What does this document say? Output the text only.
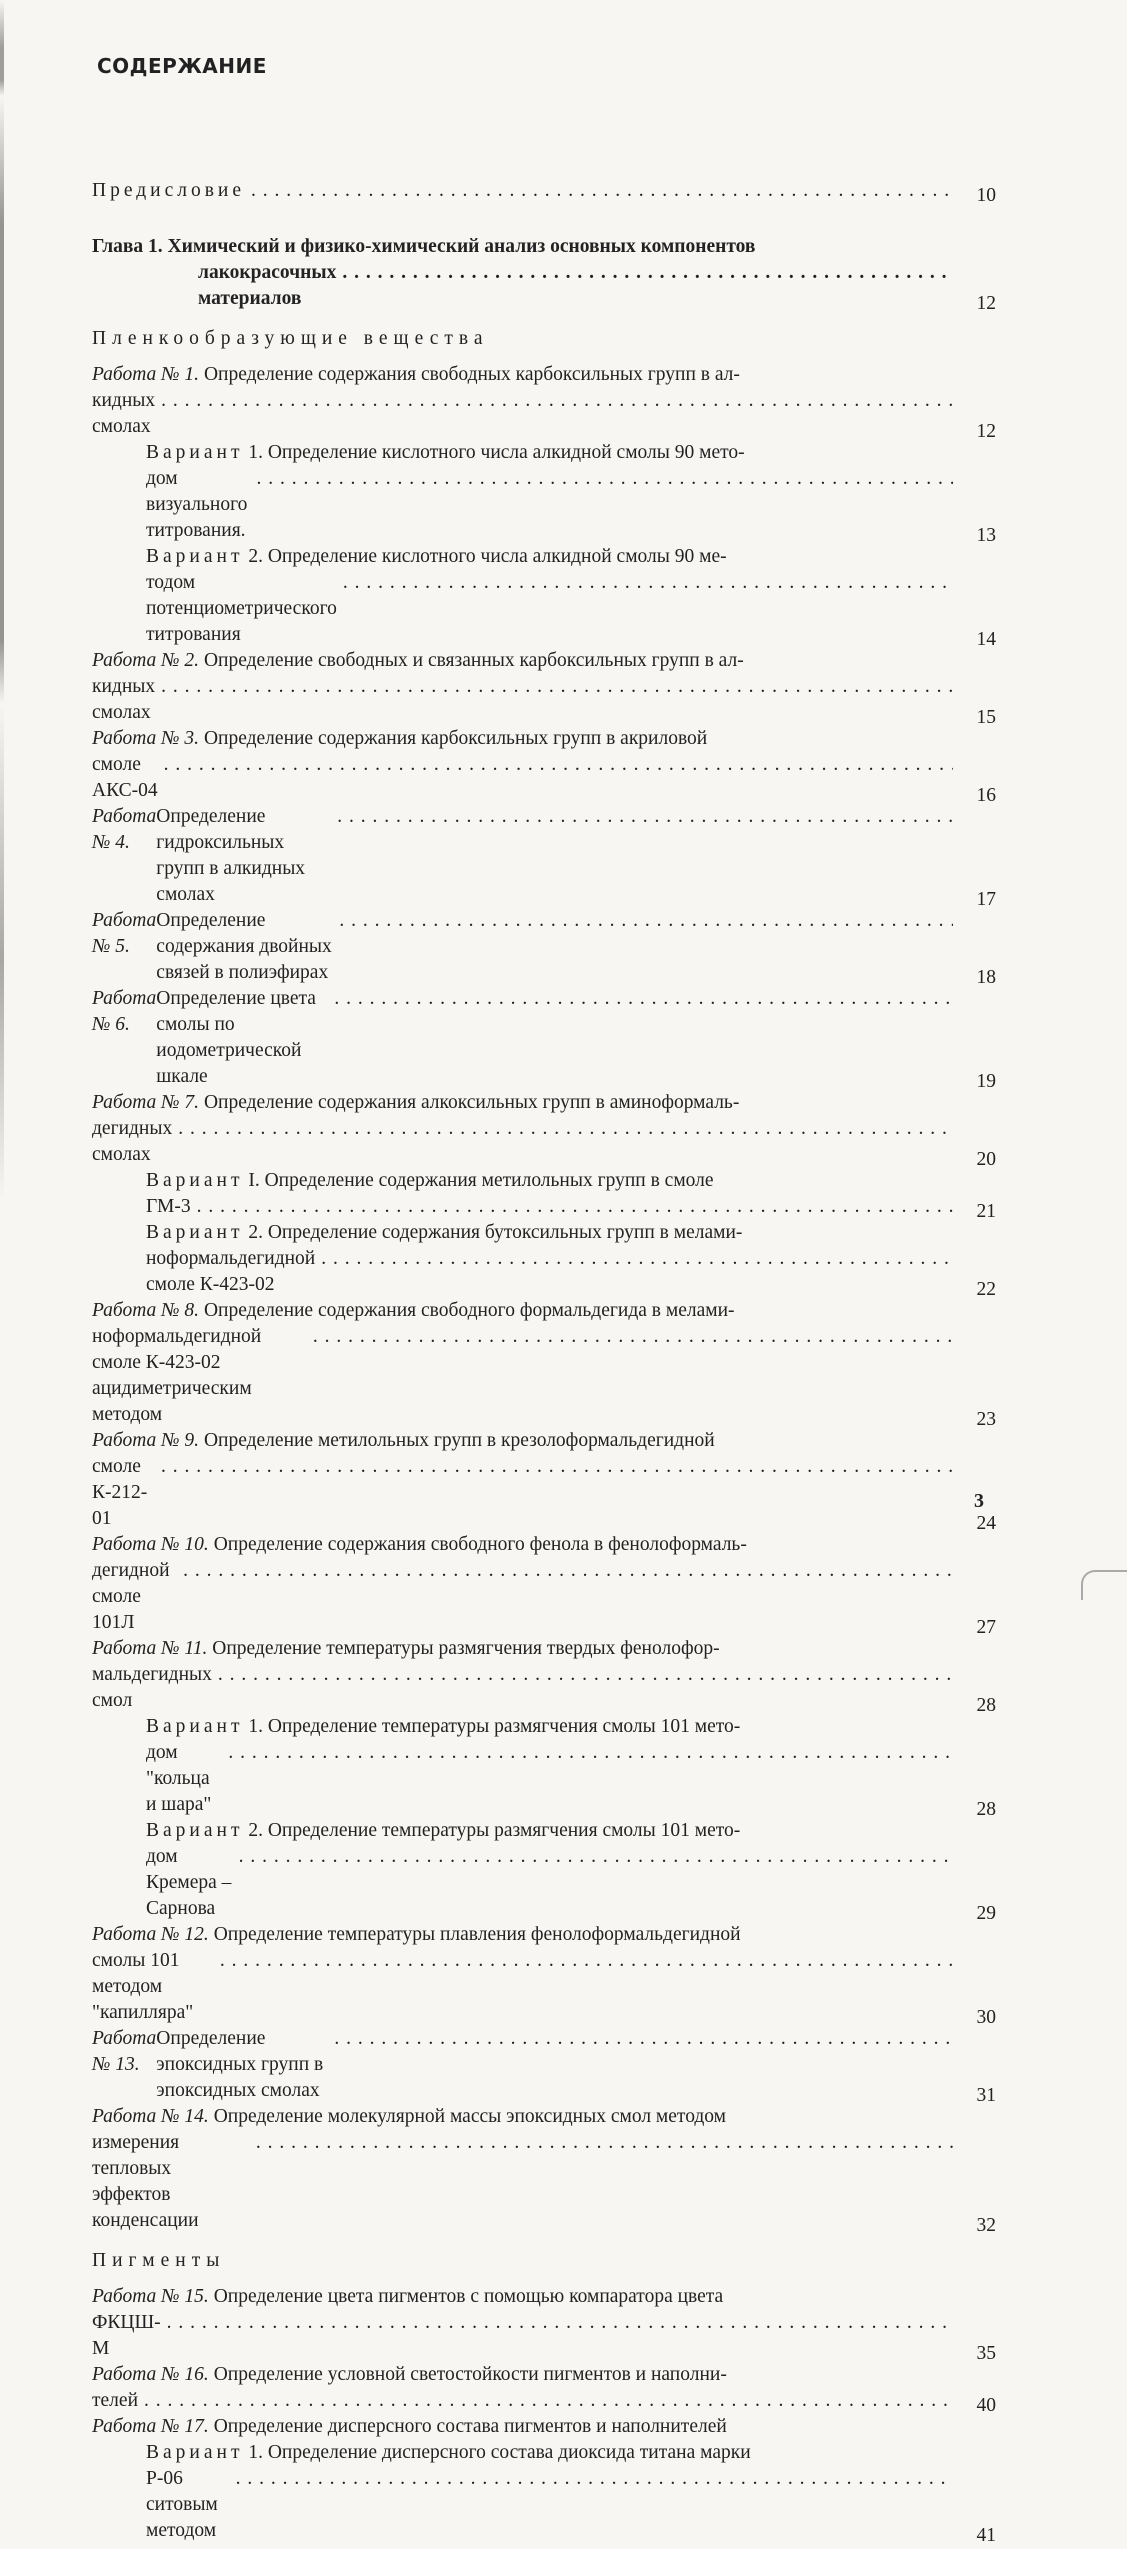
СОДЕРЖАНИЕ
Предисловие . . .	10
Глава 1. Химический и физико-химический анализ основных компонентов
лакокрасочных материалов
. . .	12
Пленкообразующие вещества
Работа № 1. Определение содержания свободных карбоксильных групп в ал-
кидных смолах
. . .	12
Вариант 1. Определение кислотного числа алкидной смолы 90 мето-
дом визуального титрования.
. . .	13
Вариант 2. Определение кислотного числа алкидной смолы 90 ме-
тодом потенциометрического титрования
. . .	14
Работа № 2. Определение свободных и связанных карбоксильных групп в ал-
кидных смолах
. . .	15
Работа № 3. Определение содержания карбоксильных групп в акриловой
смоле АКС-04
. . .	16
Работа № 4.
Определение гидроксильных групп в алкидных смолах
. . .	17
Работа № 5.
Определение содержания двойных связей в полиэфирах
. . .	18
Работа № 6.
Определение цвета смолы по иодометрической шкале
. . .	19
Работа № 7. Определение содержания алкоксильных групп в аминоформаль-
дегидных смолах
. . .	20
Вариант I. Определение содержания метилольных групп в смоле
ГМ-3 . . .	21
Вариант 2. Определение содержания бутоксильных групп в мелами-
ноформальдегидной смоле К-423-02
. . .	22
Работа № 8. Определение содержания свободного формальдегида в мелами-
ноформальдегидной смоле К-423-02 ацидиметрическим методом
. . .	23
Работа № 9. Определение метилольных групп в крезолоформальдегидной
смоле К-212-01
. . .	24
Работа № 10. Определение содержания свободного фенола в фенолоформаль-
дегидной смоле 101Л
. . .	27
Работа № 11. Определение температуры размягчения твердых фенолофор-
мальдегидных смол
. . .	28
Вариант 1. Определение температуры размягчения смолы 101 мето-
дом "кольца и шара"
. . .	28
Вариант 2. Определение температуры размягчения смолы 101 мето-
дом Кремера – Сарнова
. . .	29
Работа № 12. Определение температуры плавления фенолоформальдегидной
смолы 101 методом "капилляра"
. . .	30
Работа № 13.
Определение эпоксидных групп в эпоксидных смолах
. . .	31
Работа № 14. Определение молекулярной массы эпоксидных смол методом
измерения тепловых эффектов конденсации
. . .	32
Пигменты
Работа № 15. Определение цвета пигментов с помощью компаратора цвета
ФКЦШ-М
. . .	35
Работа № 16. Определение условной светостойкости пигментов и наполни-
телей . . .	40
Работа № 17. Определение дисперсного состава пигментов и наполнителей
Вариант 1. Определение дисперсного состава диоксида титана марки
Р-06 ситовым методом
. . .	41
3
